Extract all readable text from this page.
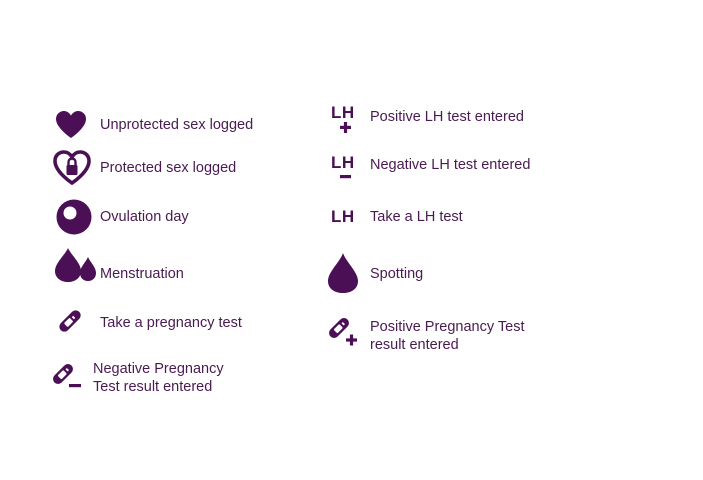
Unprotected sex logged
Protected sex logged
Ovulation day
Menstruation
Take a pregnancy test
Negative Pregnancy
Test result entered
LH Positive LH test entered
LH Negative LH test entered
LH Take a LH test
Spotting
Positive Pregnancy Test
result entered
